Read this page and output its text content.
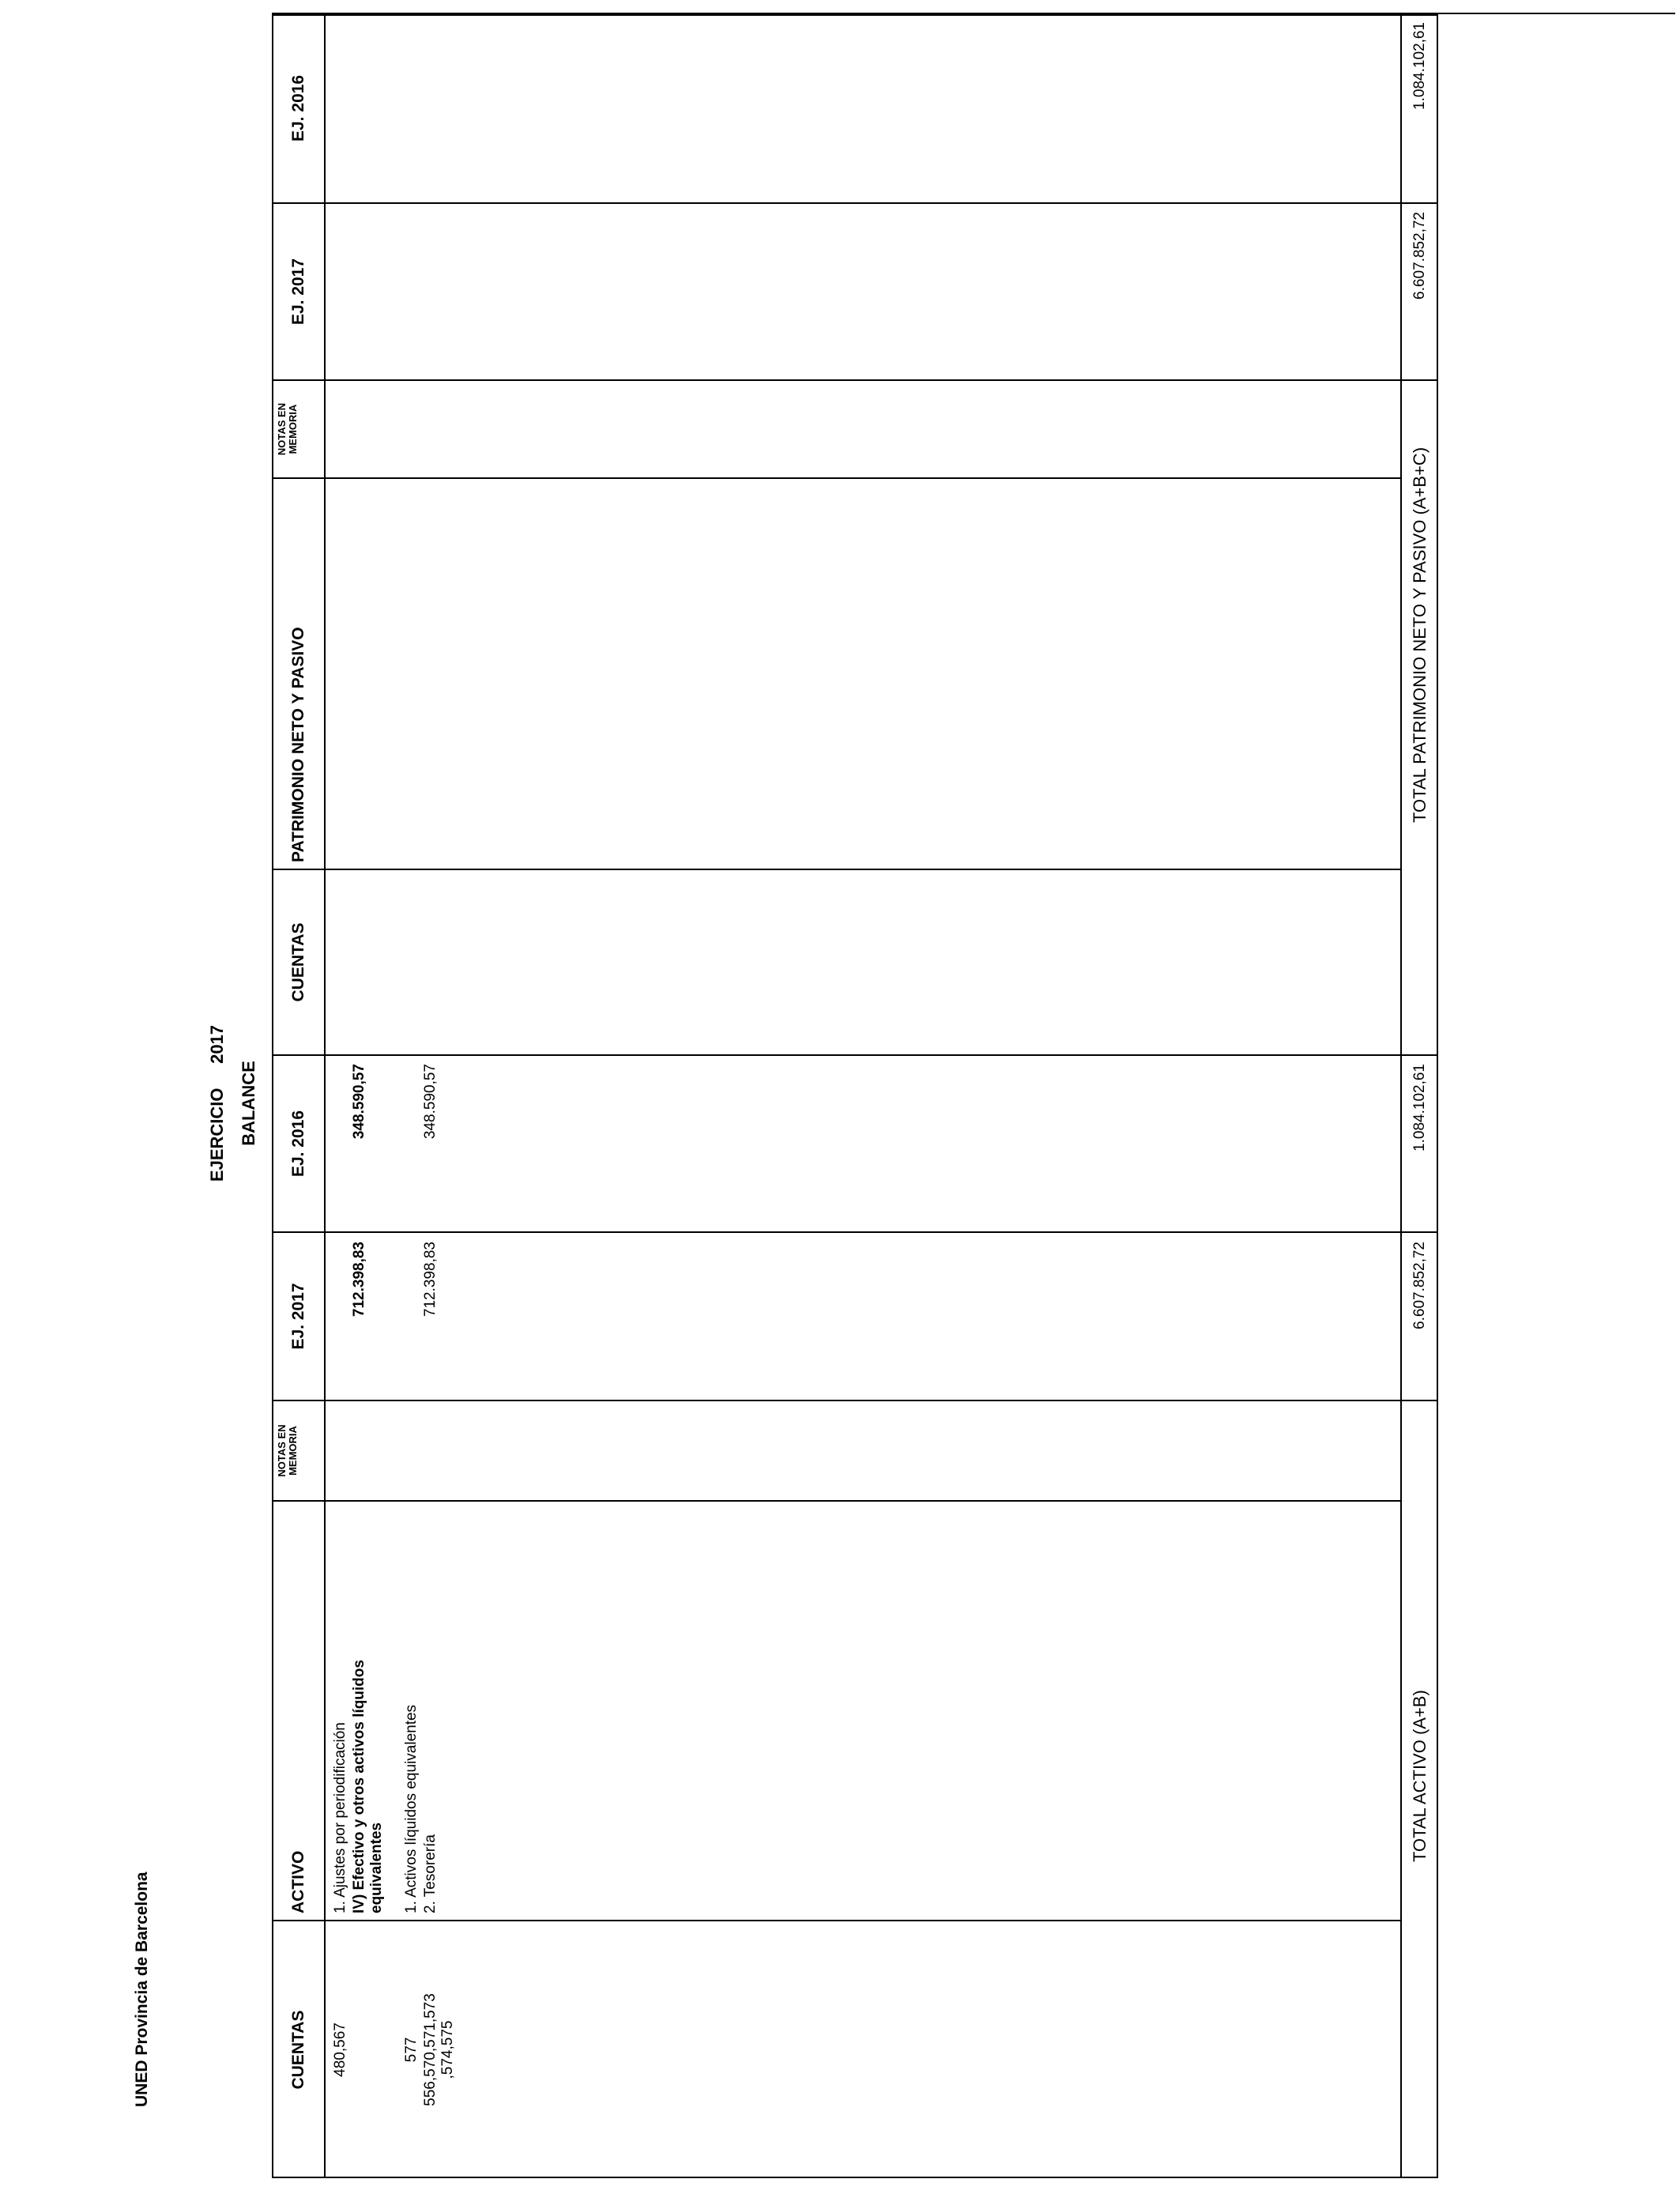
UNED Provincia de Barcelona
EJERCICIO     2017
BALANCE
CUENTAS
ACTIVO
NOTAS EN MEMORIA
EJ. 2017
EJ. 2016
CUENTAS
PATRIMONIO NETO Y PASIVO
NOTAS EN MEMORIA
EJ. 2017
EJ. 2016
480,567
1. Ajustes por periodificación IV) Efectivo y otros activos líquidos equivalentes
712.398,83
348.590,57
577
1. Activos líquidos equivalentes
556,570,571,573 ,574,575
2. Tesorería
712.398,83
348.590,57
TOTAL ACTIVO (A+B)
6.607.852,72
1.084.102,61
TOTAL PATRIMONIO NETO Y PASIVO (A+B+C)
6.607.852,72
1.084.102,61
